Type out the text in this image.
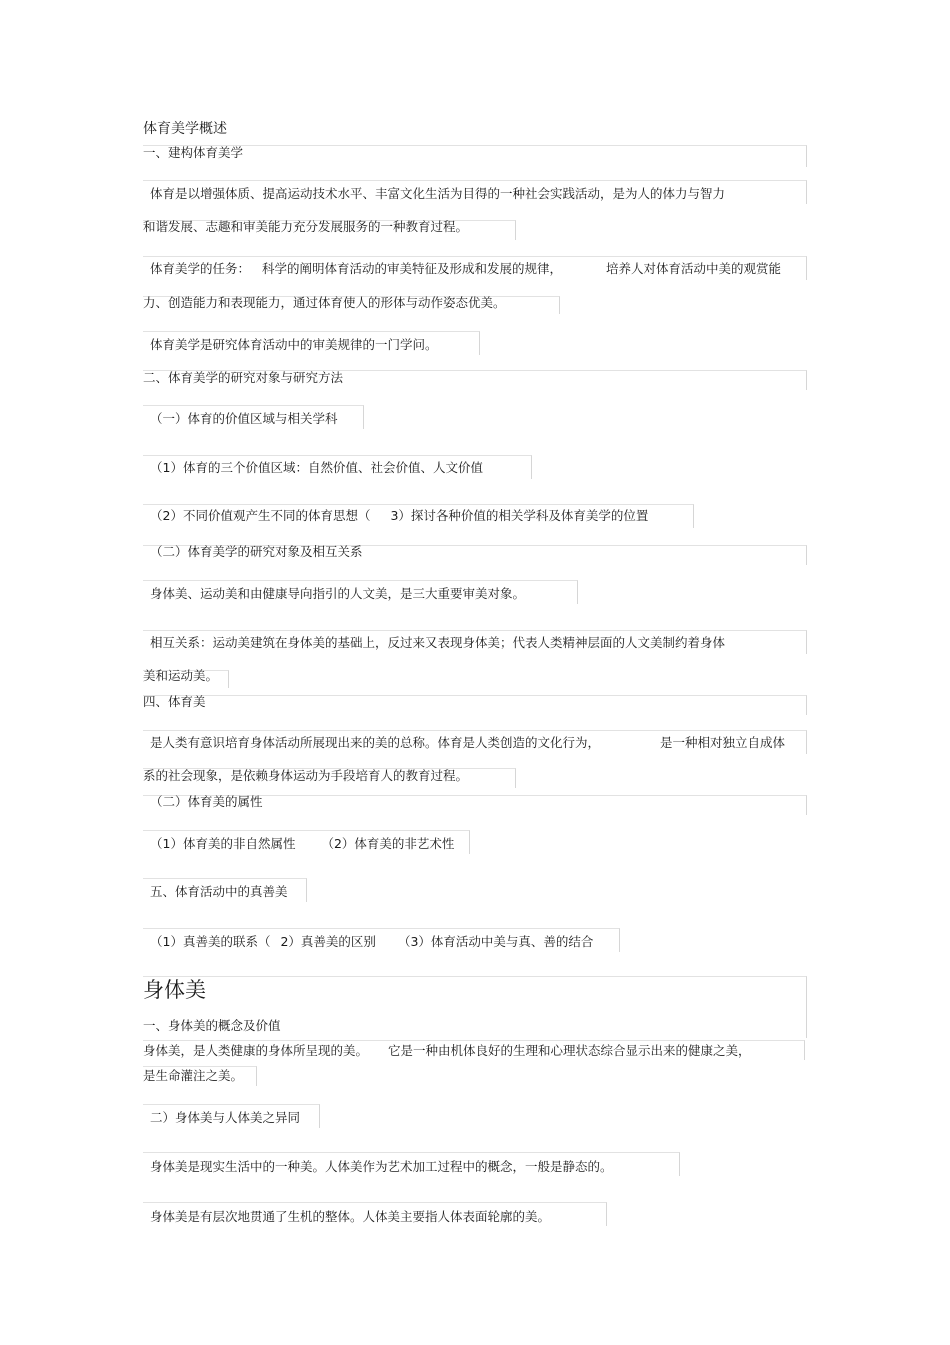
体育美学概述
一、建构体育美学
体育是以增强体质、提高运动技术水平、丰富文化生活为目得的一种社会实践活动，是为人的体力与智力
和谐发展、志趣和审美能力充分发展服务的一种教育过程。
体育美学的任务： 科学的阐明体育活动的审美特征及形成和发展的规律，	培养人对体育活动中美的观赏能
力、创造能力和表现能力，通过体育使人的形体与动作姿态优美。
体育美学是研究体育活动中的审美规律的一门学问。
二、体育美学的研究对象与研究方法
（一）体育的价值区域与相关学科
（1）体育的三个价值区域：自然价值、社会价值、人文价值
（2）不同价值观产生不同的体育思想（ 3）探讨各种价值的相关学科及体育美学的位置
（二）体育美学的研究对象及相互关系
身体美、运动美和由健康导向指引的人文美，是三大重要审美对象。
相互关系：运动美建筑在身体美的基础上，反过来又表现身体美；代表人类精神层面的人文美制约着身体
美和运动美。
四、体育美
是人类有意识培育身体活动所展现出来的美的总称。体育是人类创造的文化行为，	是一种相对独立自成体
系的社会现象，是依赖身体运动为手段培育人的教育过程。
（二）体育美的属性
（1）体育美的非自然属性 （2）体育美的非艺术性
五、体育活动中的真善美
（1）真善美的联系（ 2）真善美的区别 （3）体育活动中美与真、善的结合
身体美
一、身体美的概念及价值
身体美，是人类健康的身体所呈现的美。 它是一种由机体良好的生理和心理状态综合显示出来的健康之美，
是生命灌注之美。
二）身体美与人体美之异同
身体美是现实生活中的一种美。人体美作为艺术加工过程中的概念，一般是静态的。
身体美是有层次地贯通了生机的整体。人体美主要指人体表面轮廓的美。
